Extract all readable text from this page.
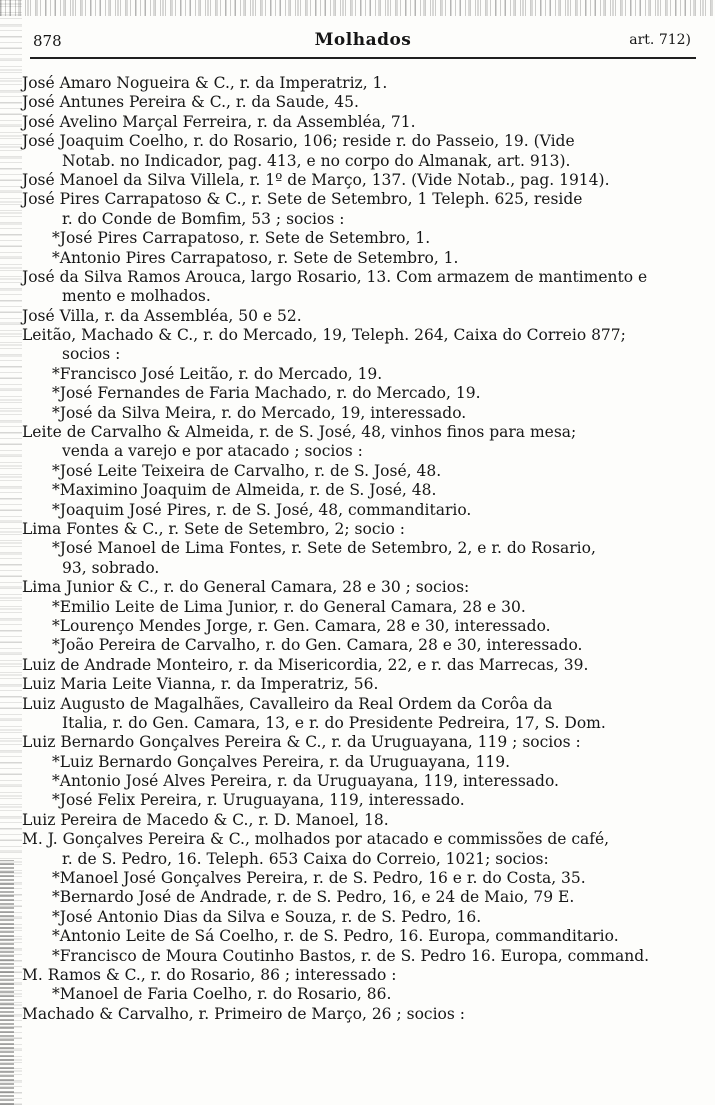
878	Molhados	art. 712)
José Amaro Nogueira & C., r. da Imperatriz, 1.
José Antunes Pereira & C., r. da Saude, 45.
José Avelino Marçal Ferreira, r. da Assembléa, 71.
José Joaquim Coelho, r. do Rosario, 106; reside r. do Passeio, 19. (Vide
Notab. no Indicador, pag. 413, e no corpo do Almanak, art. 913).
José Manoel da Silva Villela, r. 1º de Março, 137. (Vide Notab., pag. 1914).
José Pires Carrapatoso & C., r. Sete de Setembro, 1 Teleph. 625, reside
r. do Conde de Bomfim, 53 ; socios :
*José Pires Carrapatoso, r. Sete de Setembro, 1.
*Antonio Pires Carrapatoso, r. Sete de Setembro, 1.
José da Silva Ramos Arouca, largo Rosario, 13. Com armazem de mantimento e
mento e molhados.
José Villa, r. da Assembléa, 50 e 52.
Leitão, Machado & C., r. do Mercado, 19, Teleph. 264, Caixa do Correio 877;
socios :
*Francisco José Leitão, r. do Mercado, 19.
*José Fernandes de Faria Machado, r. do Mercado, 19.
*José da Silva Meira, r. do Mercado, 19, interessado.
Leite de Carvalho & Almeida, r. de S. José, 48, vinhos finos para mesa;
venda a varejo e por atacado ; socios :
*José Leite Teixeira de Carvalho, r. de S. José, 48.
*Maximino Joaquim de Almeida, r. de S. José, 48.
*Joaquim José Pires, r. de S. José, 48, commanditario.
Lima Fontes & C., r. Sete de Setembro, 2; socio :
*José Manoel de Lima Fontes, r. Sete de Setembro, 2, e r. do Rosario,
93, sobrado.
Lima Junior & C., r. do General Camara, 28 e 30 ; socios:
*Emilio Leite de Lima Junior, r. do General Camara, 28 e 30.
*Lourenço Mendes Jorge, r. Gen. Camara, 28 e 30, interessado.
*João Pereira de Carvalho, r. do Gen. Camara, 28 e 30, interessado.
Luiz de Andrade Monteiro, r. da Misericordia, 22, e r. das Marrecas, 39.
Luiz Maria Leite Vianna, r. da Imperatriz, 56.
Luiz Augusto de Magalhães, Cavalleiro da Real Ordem da Corôa da
Italia, r. do Gen. Camara, 13, e r. do Presidente Pedreira, 17, S. Dom.
Luiz Bernardo Gonçalves Pereira & C., r. da Uruguayana, 119 ; socios :
*Luiz Bernardo Gonçalves Pereira, r. da Uruguayana, 119.
*Antonio José Alves Pereira, r. da Uruguayana, 119, interessado.
*José Felix Pereira, r. Uruguayana, 119, interessado.
Luiz Pereira de Macedo & C., r. D. Manoel, 18.
M. J. Gonçalves Pereira & C., molhados por atacado e commissões de café,
r. de S. Pedro, 16. Teleph. 653 Caixa do Correio, 1021; socios:
*Manoel José Gonçalves Pereira, r. de S. Pedro, 16 e r. do Costa, 35.
*Bernardo José de Andrade, r. de S. Pedro, 16, e 24 de Maio, 79 E.
*José Antonio Dias da Silva e Souza, r. de S. Pedro, 16.
*Antonio Leite de Sá Coelho, r. de S. Pedro, 16. Europa, commanditario.
*Francisco de Moura Coutinho Bastos, r. de S. Pedro 16. Europa, command.
M. Ramos & C., r. do Rosario, 86 ; interessado :
*Manoel de Faria Coelho, r. do Rosario, 86.
Machado & Carvalho, r. Primeiro de Março, 26 ; socios :
